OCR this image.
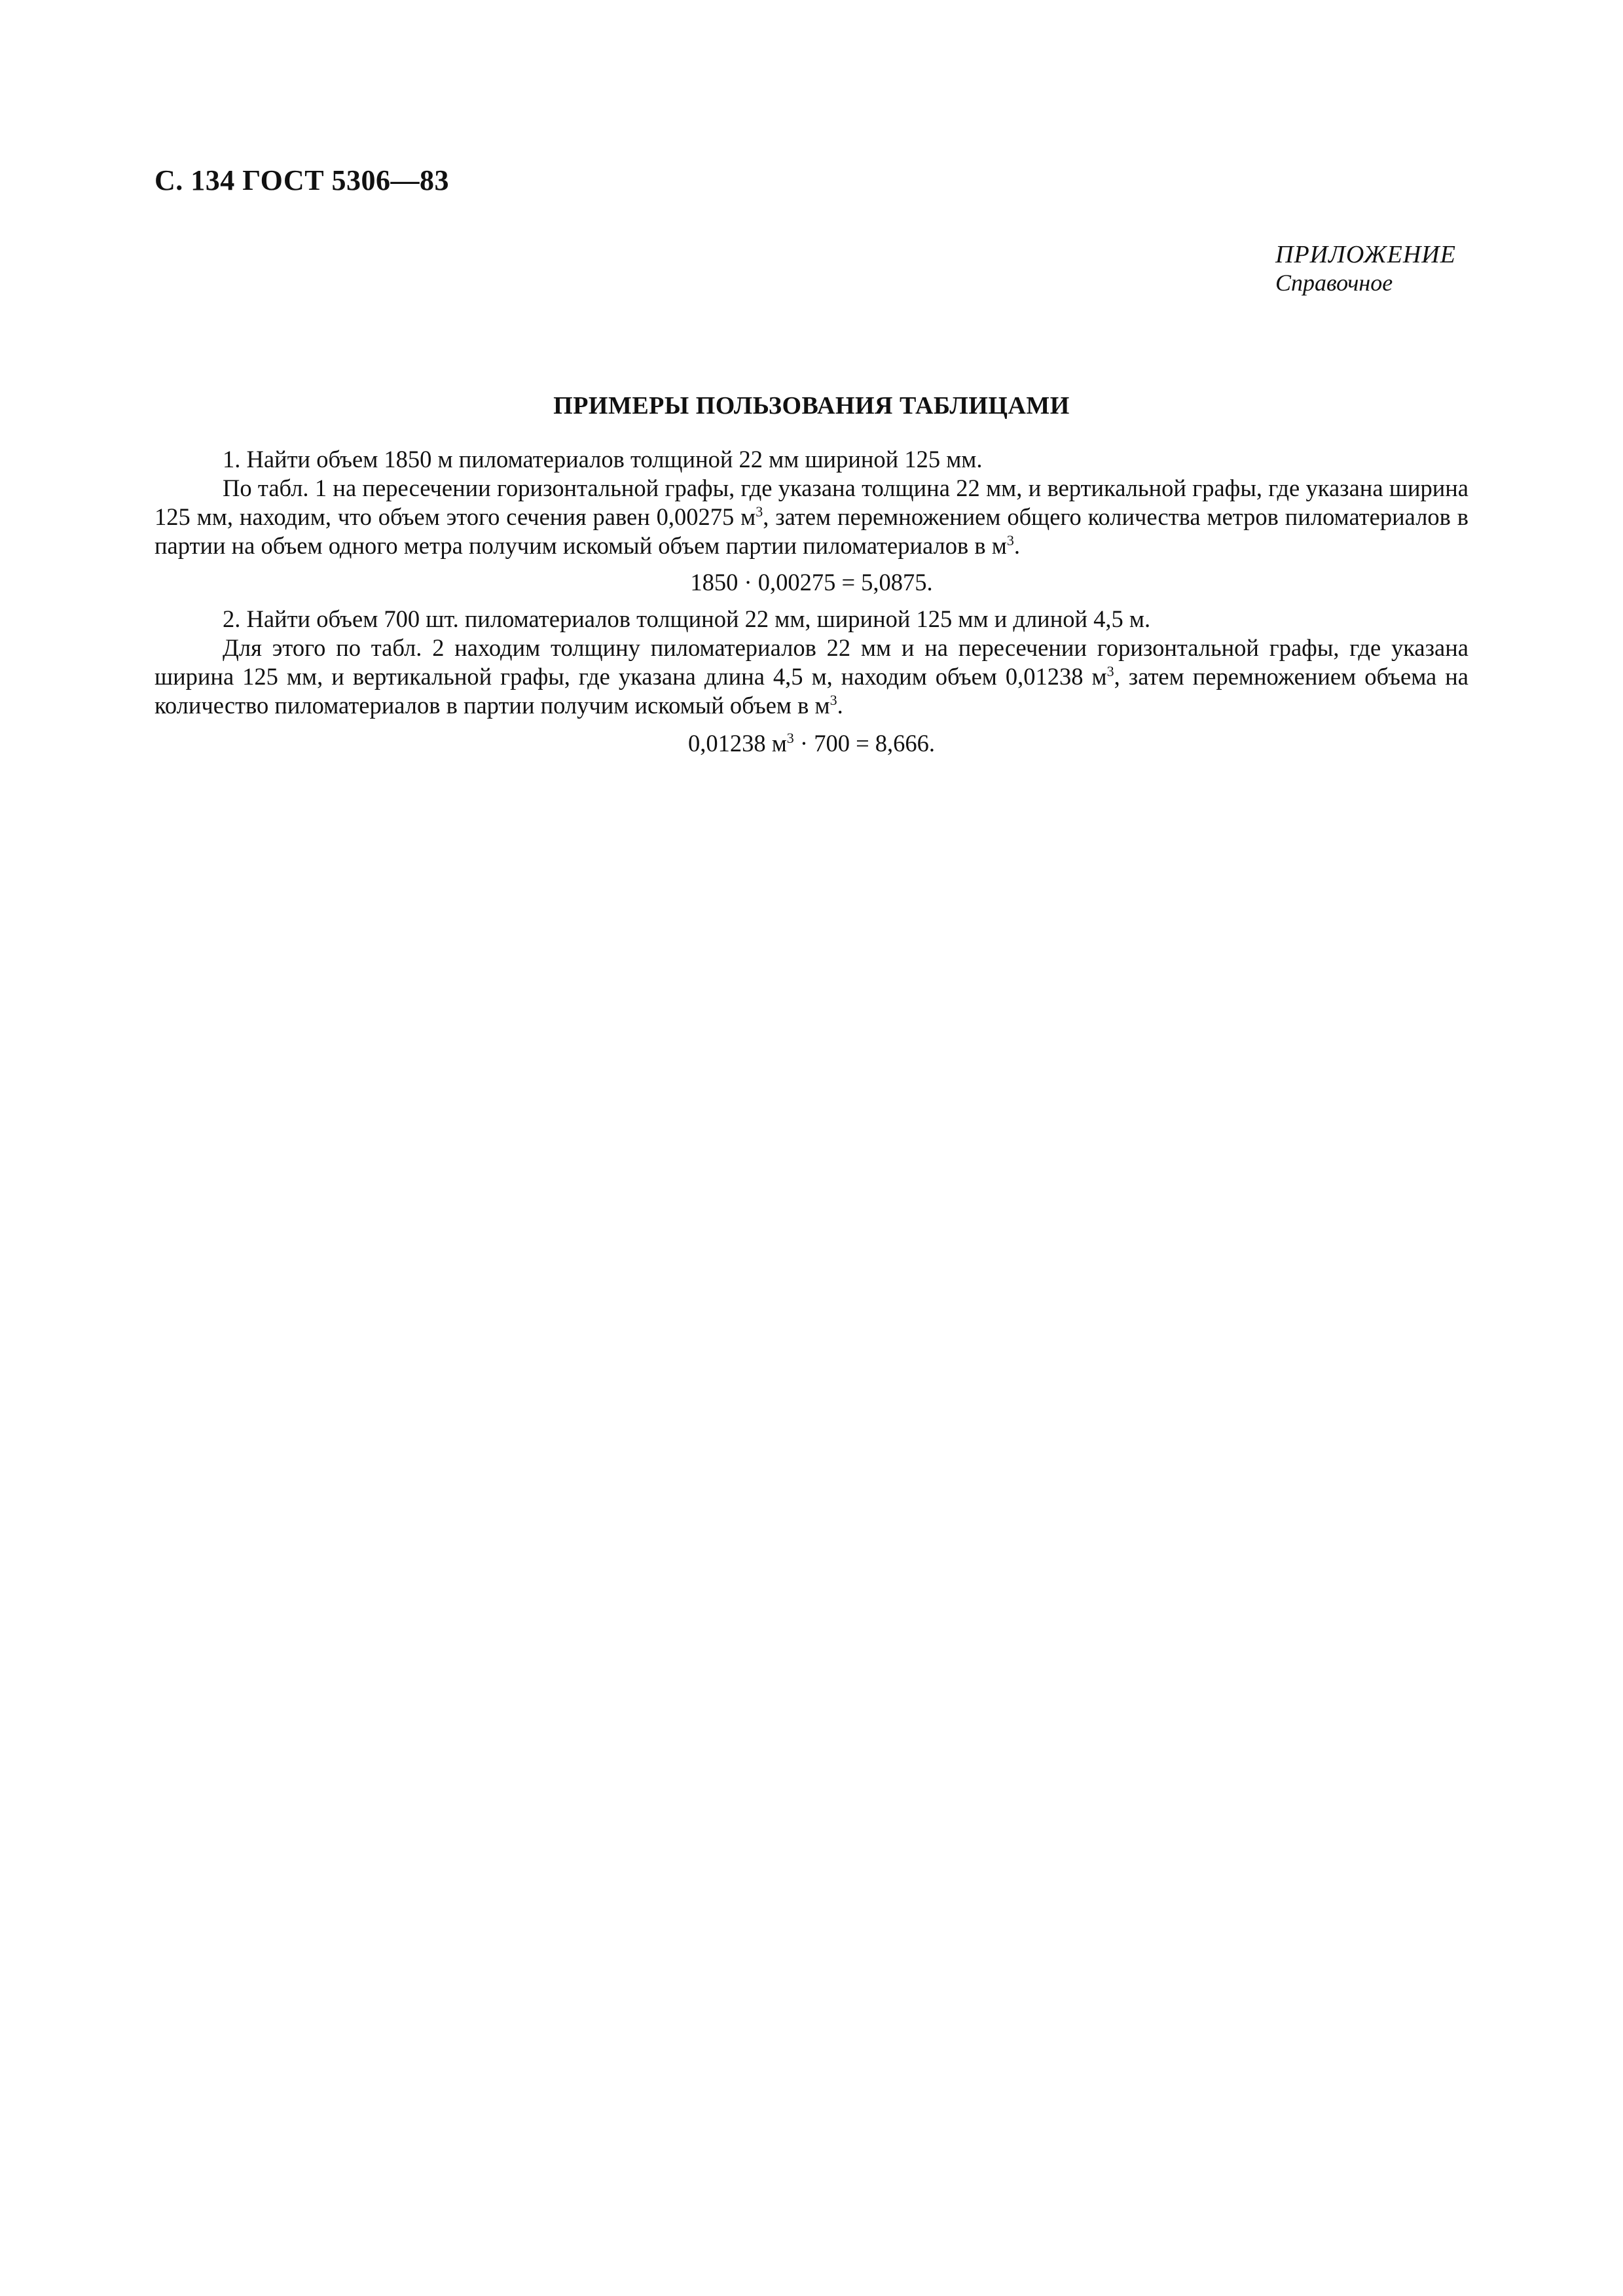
С. 134 ГОСТ 5306—83
ПРИЛОЖЕНИЕ
Справочное
ПРИМЕРЫ ПОЛЬЗОВАНИЯ ТАБЛИЦАМИ

1. Найти объем 1850 м пиломатериалов толщиной 22 мм шириной 125 мм.

По табл. 1 на пересечении горизонтальной графы, где указана толщина 22 мм, и вертикальной графы, где указана ширина 125 мм, находим, что объем этого сечения равен 0,00275 $м^3$, затем перемножением общего количества метров пиломатериалов в партии на объем одного метра получим искомый объем партии пиломатериалов в $м^3$.

1850 · 0,00275 = 5,0875.

2. Найти объем 700 шт. пиломатериалов толщиной 22 мм, шириной 125 мм и длиной 4,5 м.

Для этого по табл. 2 находим толщину пиломатериалов 22 мм и на пересечении горизонтальной графы, где указана ширина 125 мм, и вертикальной графы, где указана длина 4,5 м, находим объем 0,01238 $м^3$, затем перемножением объема на количество пиломатериалов в партии получим искомый объем в $м^3$.

0,01238 $м^3 \cdot 700 = 8,666$.
